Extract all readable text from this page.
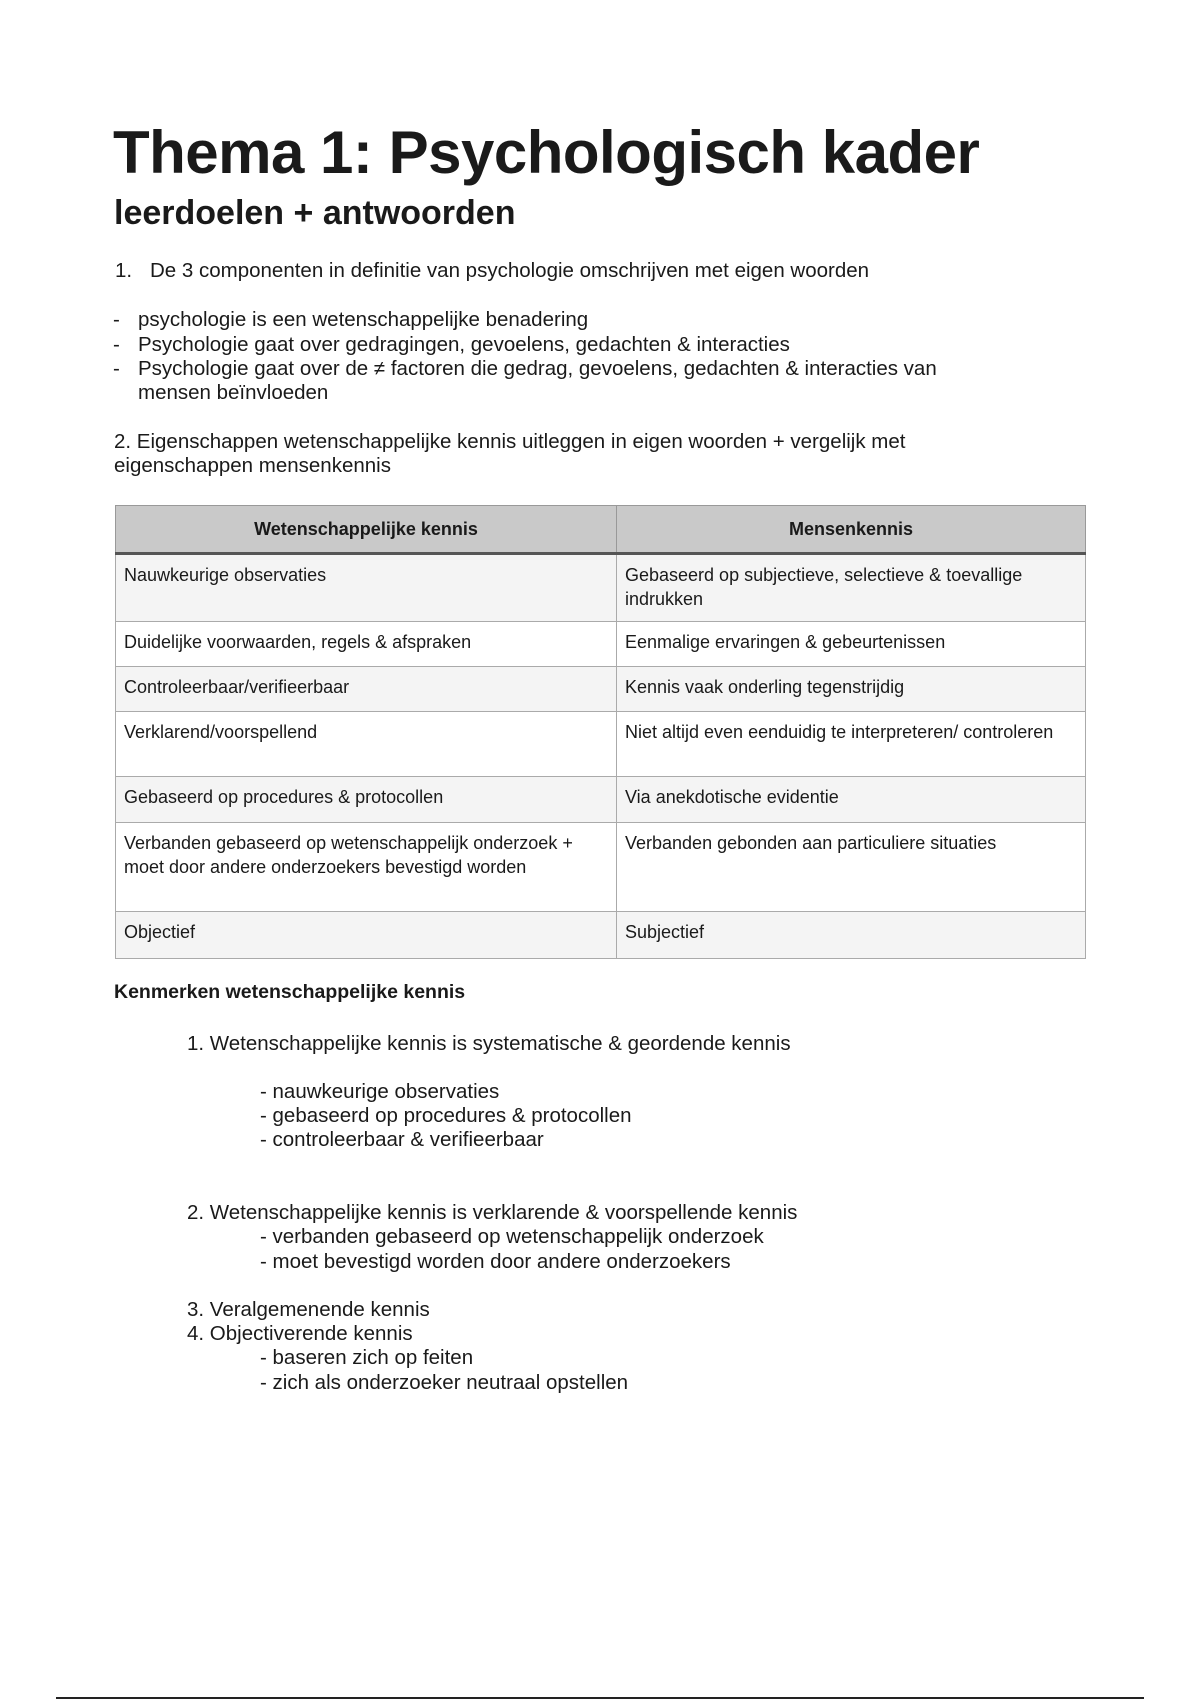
Thema 1: Psychologisch kader
leerdoelen + antwoorden
1. De 3 componenten in definitie van psychologie omschrijven met eigen woorden
- psychologie is een wetenschappelijke benadering
- Psychologie gaat over gedragingen, gevoelens, gedachten & interacties
- Psychologie gaat over de ≠ factoren die gedrag, gevoelens, gedachten & interacties van
mensen beïnvloeden
2. Eigenschappen wetenschappelijke kennis uitleggen in eigen woorden + vergelijk met
eigenschappen mensenkennis
Wetenschappelijke kennis	Mensenkennis
Nauwkeurige observaties	Gebaseerd op subjectieve, selectieve & toevallige indrukken
Duidelijke voorwaarden, regels & afspraken	Eenmalige ervaringen & gebeurtenissen
Controleerbaar/verifieerbaar	Kennis vaak onderling tegenstrijdig
Verklarend/voorspellend	Niet altijd even eenduidig te interpreteren/ controleren
Gebaseerd op procedures & protocollen	Via anekdotische evidentie
Verbanden gebaseerd op wetenschappelijk onderzoek + moet door andere onderzoekers bevestigd worden	Verbanden gebonden aan particuliere situaties
Objectief	Subjectief
Kenmerken wetenschappelijke kennis
1. Wetenschappelijke kennis is systematische & geordende kennis
- nauwkeurige observaties
- gebaseerd op procedures & protocollen
- controleerbaar & verifieerbaar
2. Wetenschappelijke kennis is verklarende & voorspellende kennis
- verbanden gebaseerd op wetenschappelijk onderzoek
- moet bevestigd worden door andere onderzoekers
3. Veralgemenende kennis
4. Objectiverende kennis
- baseren zich op feiten
- zich als onderzoeker neutraal opstellen
